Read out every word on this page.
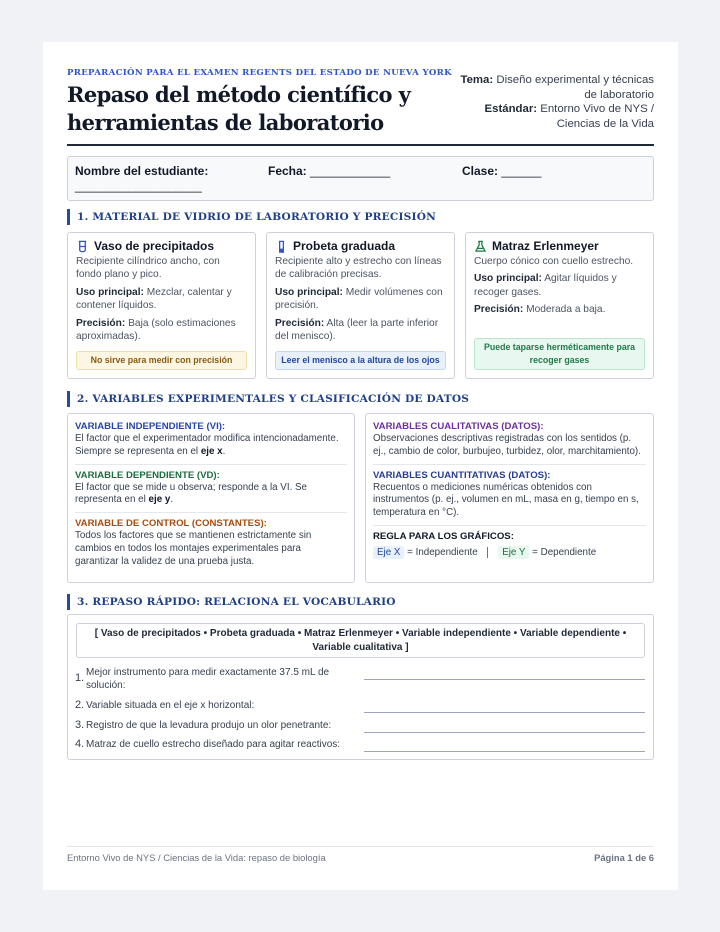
PREPARACIÓN PARA EL EXAMEN REGENTS DEL ESTADO DE NUEVA YORK
Repaso del método científico y herramientas de laboratorio
Tema: Diseño experimental y técnicas de laboratorio
Estándar: Entorno Vivo de NYS / Ciencias de la Vida
Nombre del estudiante:
___________________
Fecha: ____________	Clase: ______
1. MATERIAL DE VIDRIO DE LABORATORIO Y PRECISIÓN
Vaso de precipitados

Recipiente cilíndrico ancho, con fondo plano y pico.

Uso principal: Mezclar, calentar y contener líquidos.

Precisión: Baja (solo estimaciones aproximadas).

No sirve para medir con precisión
Probeta graduada

Recipiente alto y estrecho con líneas de calibración precisas.

Uso principal: Medir volúmenes con precisión.

Precisión: Alta (leer la parte inferior del menisco).

Leer el menisco a la altura de los ojos
Matraz Erlenmeyer

Cuerpo cónico con cuello estrecho.

Uso principal: Agitar líquidos y recoger gases.

Precisión: Moderada a baja.

Puede taparse herméticamente para recoger gases
2. VARIABLES EXPERIMENTALES Y CLASIFICACIÓN DE DATOS
VARIABLE INDEPENDIENTE (VI):
El factor que el experimentador modifica intencionadamente. Siempre se representa en el eje x.
VARIABLE DEPENDIENTE (VD):
El factor que se mide u observa; responde a la VI. Se representa en el eje y.
VARIABLE DE CONTROL (CONSTANTES):
Todos los factores que se mantienen estrictamente sin cambios en todos los montajes experimentales para garantizar la validez de una prueba justa.
VARIABLES CUALITATIVAS (DATOS):
Observaciones descriptivas registradas con los sentidos (p. ej., cambio de color, burbujeo, turbidez, olor, marchitamiento).
VARIABLES CUANTITATIVAS (DATOS):
Recuentos o mediciones numéricas obtenidos con instrumentos (p. ej., volumen en mL, masa en g, tiempo en s, temperatura en °C).
REGLA PARA LOS GRÁFICOS:
Eje X = Independiente Eje Y = Dependiente
3. REPASO RÁPIDO: RELACIONA EL VOCABULARIO
[ Vaso de precipitados • Probeta graduada • Matraz Erlenmeyer • Variable independiente • Variable dependiente • Variable cualitativa ]
1. Mejor instrumento para medir exactamente 37.5 mL de solución:
2. Variable situada en el eje x horizontal:
3. Registro de que la levadura produjo un olor penetrante:
4. Matraz de cuello estrecho diseñado para agitar reactivos:
Entorno Vivo de NYS / Ciencias de la Vida: repaso de biología	Página 1 de 6
